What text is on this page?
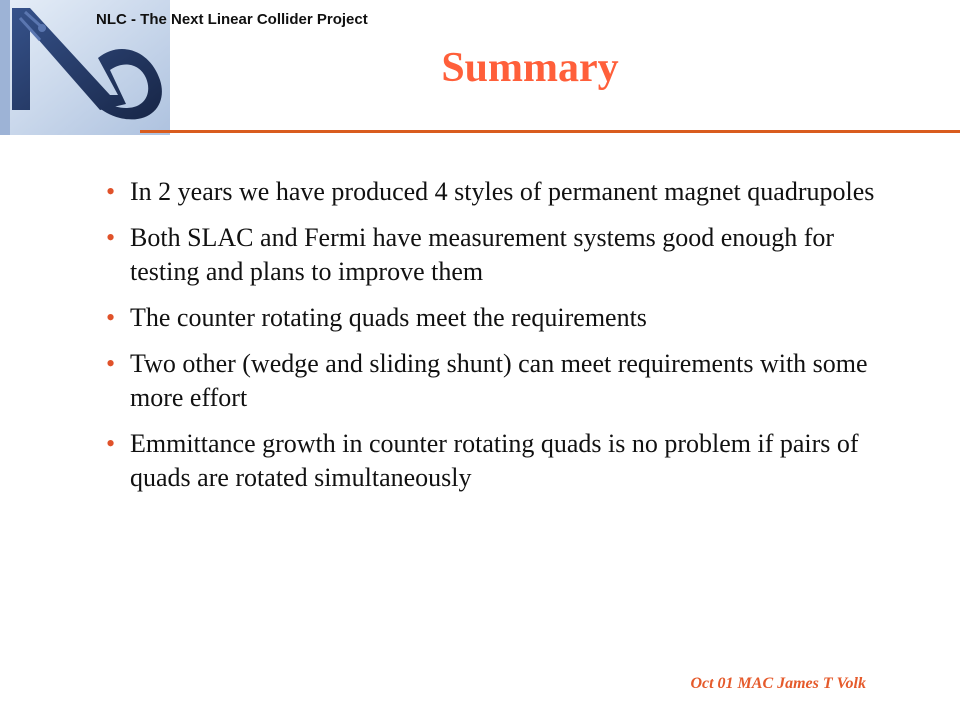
NLC - The Next Linear Collider Project
Summary
• In 2 years we have produced 4 styles of permanent magnet quadrupoles
• Both SLAC and Fermi have measurement systems good enough for testing and plans to improve them
• The counter rotating quads meet the requirements
• Two other (wedge and sliding shunt) can meet requirements with some more effort
• Emmittance growth in counter rotating quads is no problem if pairs of quads are rotated simultaneously
Oct 01 MAC James T Volk
